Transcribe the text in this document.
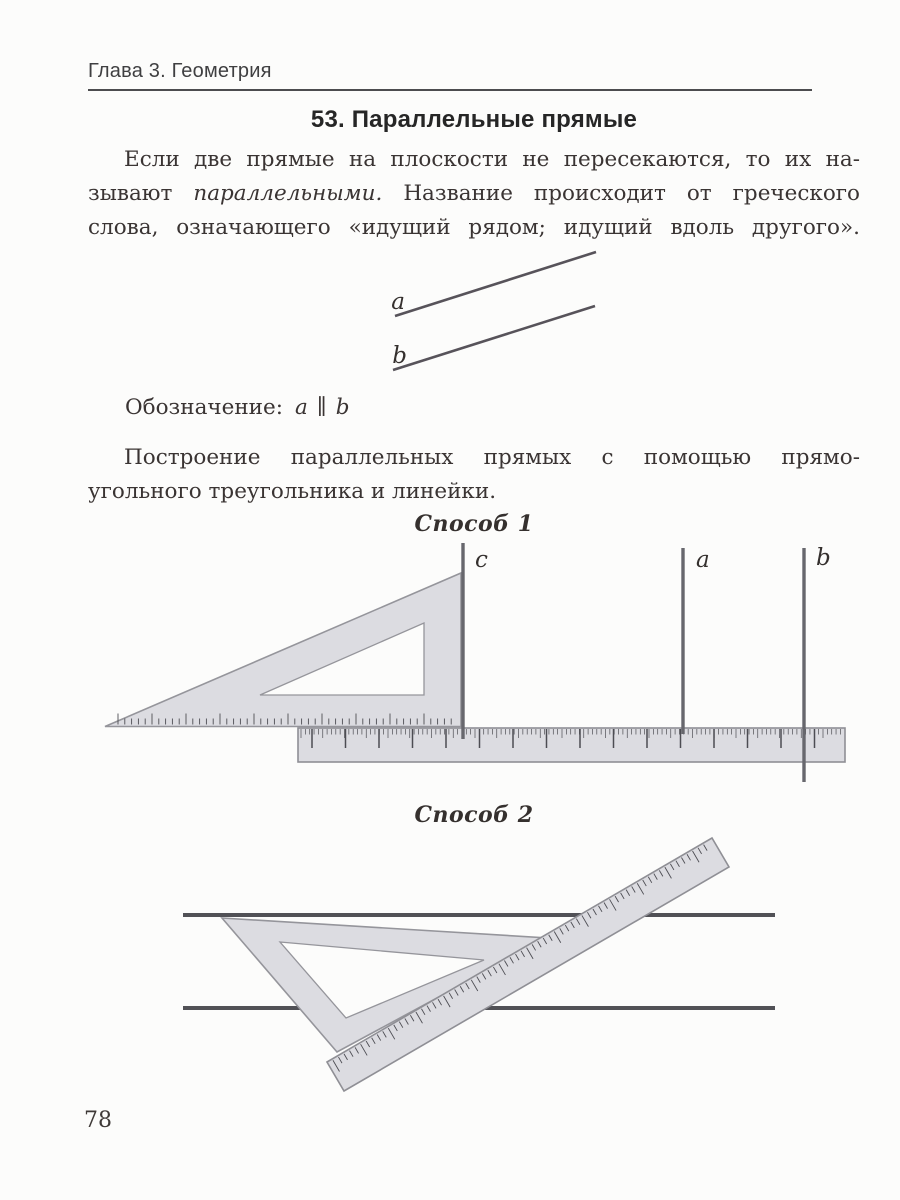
Глава 3. Геометрия
53. Параллельные прямые
Если две прямые на плоскости не пересекаются, то их на-
зывают параллельными. Название происходит от греческого
слова, означающего «идущий рядом; идущий вдоль другого».
a
b
Обозначение: a ∥ b
Построение параллельных прямых с помощью прямо-
угольного треугольника и линейки.
Способ 1
c	a	b
Способ 2
78
